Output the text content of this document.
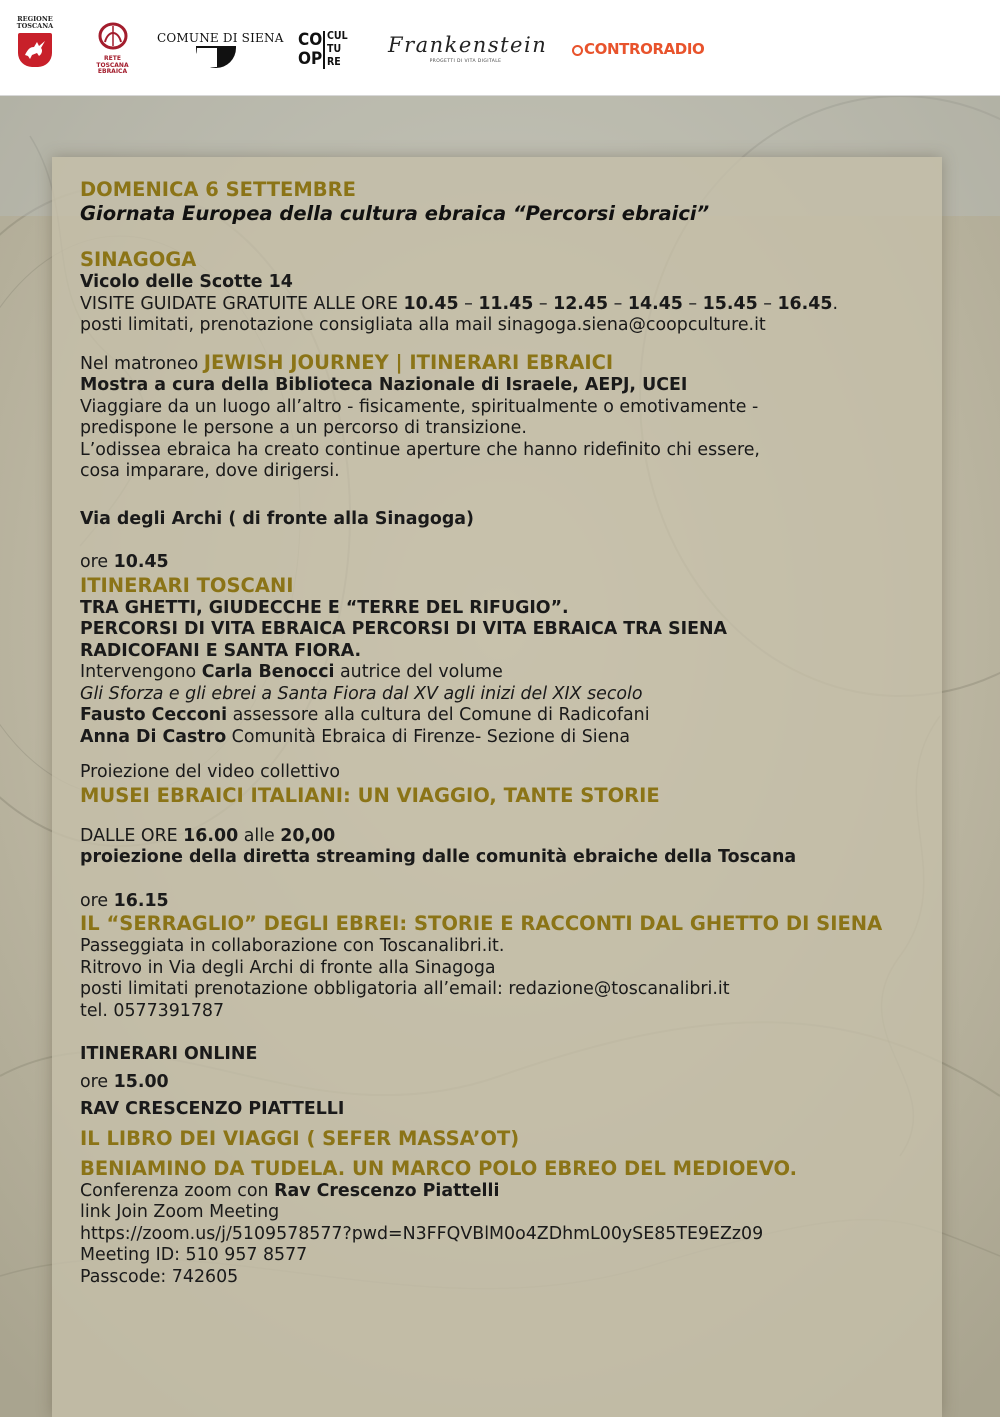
REGIONE TOSCANA
RETE TOSCANA EBRAICA
COMUNE DI SIENA CO
OP
CUL
TU
RE
Frankenstein
PROGETTI DI VITA DIGITALE
CONTRORADIO

DOMENICA 6 SETTEMBRE

Giornata Europea della cultura ebraica “Percorsi ebraici”

SINAGOGA

Vicolo delle Scotte 14

VISITE GUIDATE GRATUITE ALLE ORE 10.45 – 11.45 – 12.45 – 14.45 – 15.45 – 16.45.

posti limitati, prenotazione consigliata alla mail sinagoga.siena@coopculture.it

Nel matroneo JEWISH JOURNEY | ITINERARI EBRAICI

Mostra a cura della Biblioteca Nazionale di Israele, AEPJ, UCEI

Viaggiare da un luogo all’altro - fisicamente, spiritualmente o emotivamente -

predispone le persone a un percorso di transizione.

L’odissea ebraica ha creato continue aperture che hanno ridefinito chi essere,

cosa imparare, dove dirigersi.

Via degli Archi ( di fronte alla Sinagoga)

ore 10.45

ITINERARI TOSCANI

TRA GHETTI, GIUDECCHE E “TERRE DEL RIFUGIO”.

PERCORSI DI VITA EBRAICA PERCORSI DI VITA EBRAICA TRA SIENA

RADICOFANI E SANTA FIORA.

Intervengono Carla Benocci autrice del volume

Gli Sforza e gli ebrei a Santa Fiora dal XV agli inizi del XIX secolo

Fausto Cecconi assessore alla cultura del Comune di Radicofani

Anna Di Castro Comunità Ebraica di Firenze- Sezione di Siena

Proiezione del video collettivo

MUSEI EBRAICI ITALIANI: UN VIAGGIO, TANTE STORIE

DALLE ORE 16.00 alle 20,00

proiezione della diretta streaming dalle comunità ebraiche della Toscana

ore 16.15

IL “SERRAGLIO” DEGLI EBREI: STORIE E RACCONTI DAL GHETTO DI SIENA

Passeggiata in collaborazione con Toscanalibri.it.

Ritrovo in Via degli Archi di fronte alla Sinagoga

posti limitati prenotazione obbligatoria all’email: redazione@toscanalibri.it

tel. 0577391787

ITINERARI ONLINE

ore 15.00

RAV CRESCENZO PIATTELLI

IL LIBRO DEI VIAGGI ( SEFER MASSA’OT)

BENIAMINO DA TUDELA. UN MARCO POLO EBREO DEL MEDIOEVO.

Conferenza zoom con Rav Crescenzo Piattelli

link Join Zoom Meeting

https://zoom.us/j/5109578577?pwd=N3FFQVBlM0o4ZDhmL00ySE85TE9EZz09

Meeting ID: 510 957 8577

Passcode: 742605
